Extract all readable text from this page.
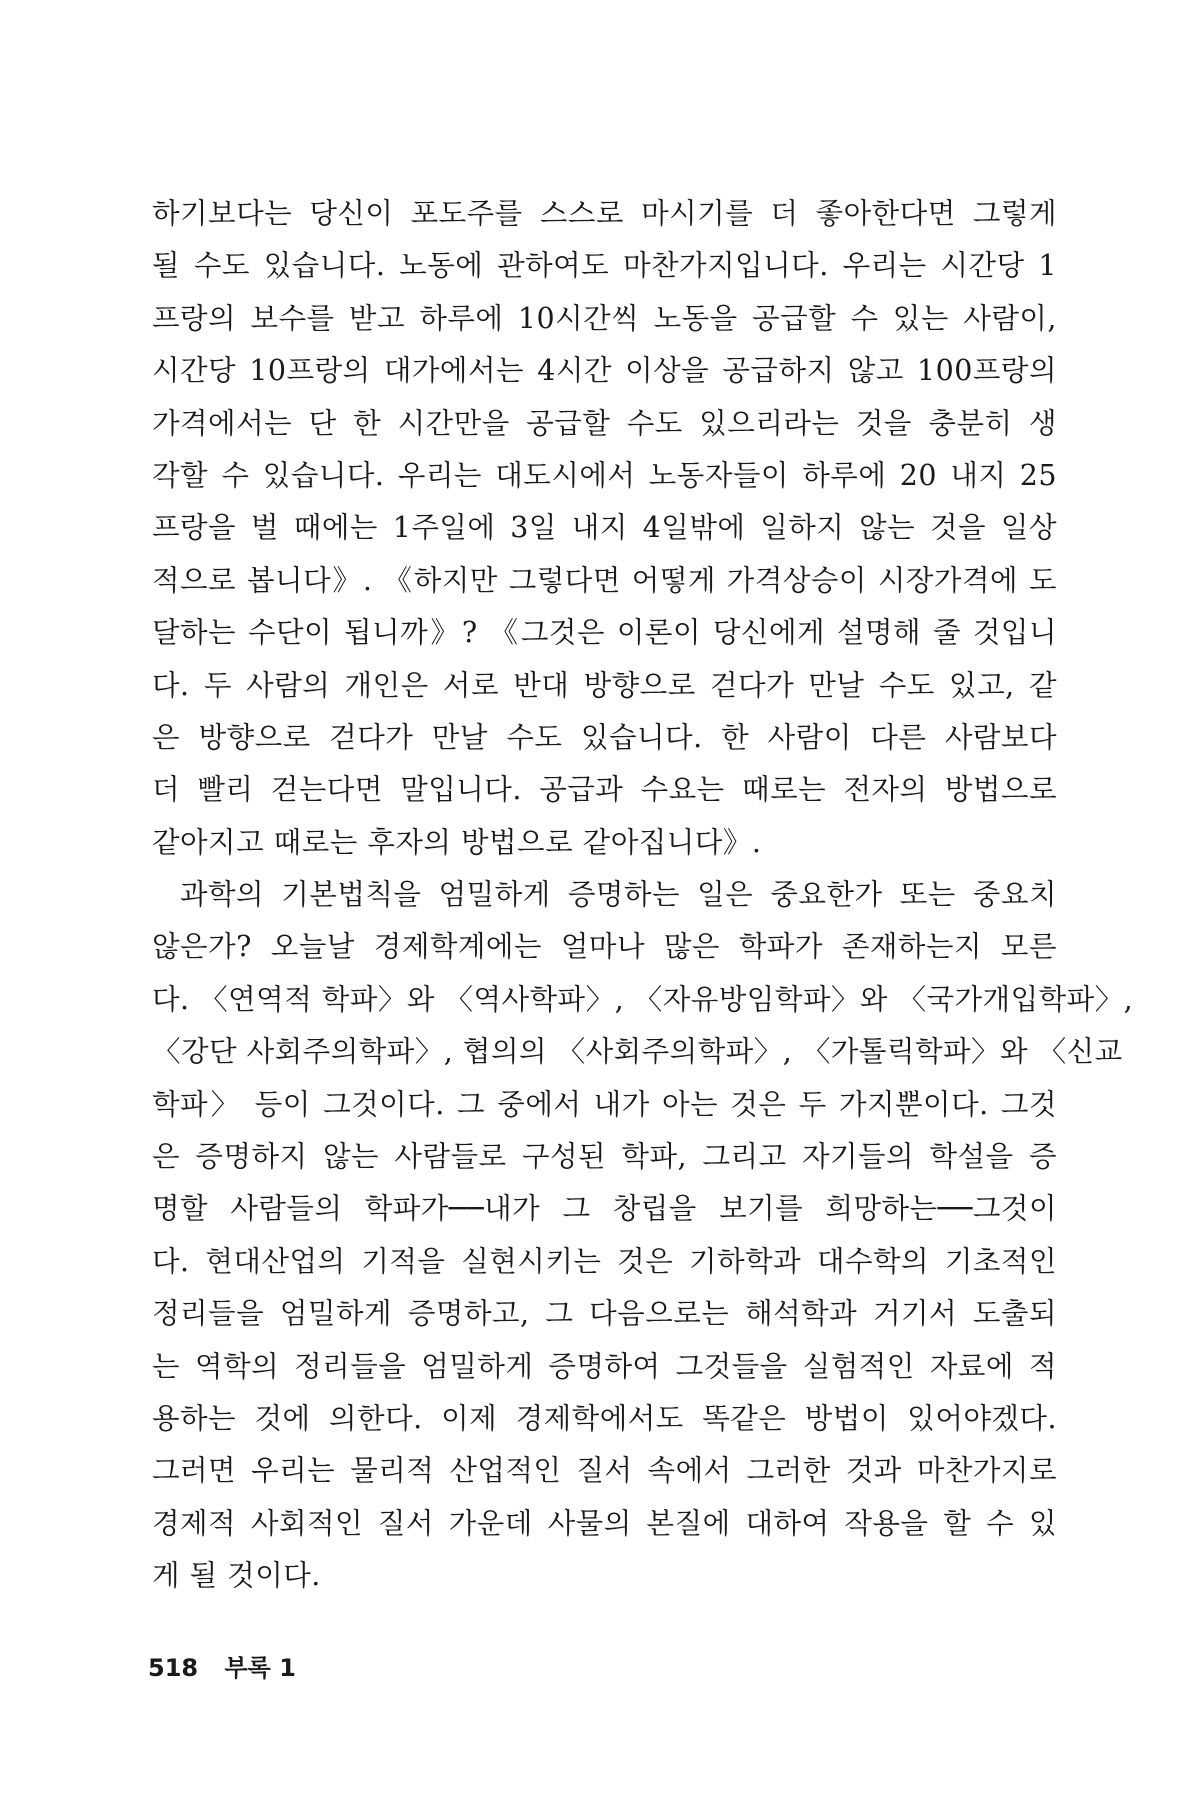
하기보다는 당신이 포도주를 스스로 마시기를 더 좋아한다면 그렇게
될 수도 있습니다. 노동에 관하여도 마찬가지입니다. 우리는 시간당 1
프랑의 보수를 받고 하루에 10시간씩 노동을 공급할 수 있는 사람이,
시간당 10프랑의 대가에서는 4시간 이상을 공급하지 않고 100프랑의
가격에서는 단 한 시간만을 공급할 수도 있으리라는 것을 충분히 생
각할 수 있습니다. 우리는 대도시에서 노동자들이 하루에 20 내지 25
프랑을 벌 때에는 1주일에 3일 내지 4일밖에 일하지 않는 것을 일상
적으로 봅니다》. 《하지만 그렇다면 어떻게 가격상승이 시장가격에 도
달하는 수단이 됩니까》? 《그것은 이론이 당신에게 설명해 줄 것입니
다. 두 사람의 개인은 서로 반대 방향으로 걷다가 만날 수도 있고, 같
은 방향으로 걷다가 만날 수도 있습니다. 한 사람이 다른 사람보다
더 빨리 걷는다면 말입니다. 공급과 수요는 때로는 전자의 방법으로
같아지고 때로는 후자의 방법으로 같아집니다》.
과학의 기본법칙을 엄밀하게 증명하는 일은 중요한가 또는 중요치
않은가? 오늘날 경제학계에는 얼마나 많은 학파가 존재하는지 모른
다. 〈연역적 학파〉와 〈역사학파〉, 〈자유방임학파〉와 〈국가개입학파〉,
〈강단 사회주의학파〉, 협의의 〈사회주의학파〉, 〈가톨릭학파〉와 〈신교
학파〉 등이 그것이다. 그 중에서 내가 아는 것은 두 가지뿐이다. 그것
은 증명하지 않는 사람들로 구성된 학파, 그리고 자기들의 학설을 증
명할 사람들의 학파가──내가 그 창립을 보기를 희망하는──그것이
다. 현대산업의 기적을 실현시키는 것은 기하학과 대수학의 기초적인
정리들을 엄밀하게 증명하고, 그 다음으로는 해석학과 거기서 도출되
는 역학의 정리들을 엄밀하게 증명하여 그것들을 실험적인 자료에 적
용하는 것에 의한다. 이제 경제학에서도 똑같은 방법이 있어야겠다.
그러면 우리는 물리적 산업적인 질서 속에서 그러한 것과 마찬가지로
경제적 사회적인 질서 가운데 사물의 본질에 대하여 작용을 할 수 있
게 될 것이다.
518 부록 1
